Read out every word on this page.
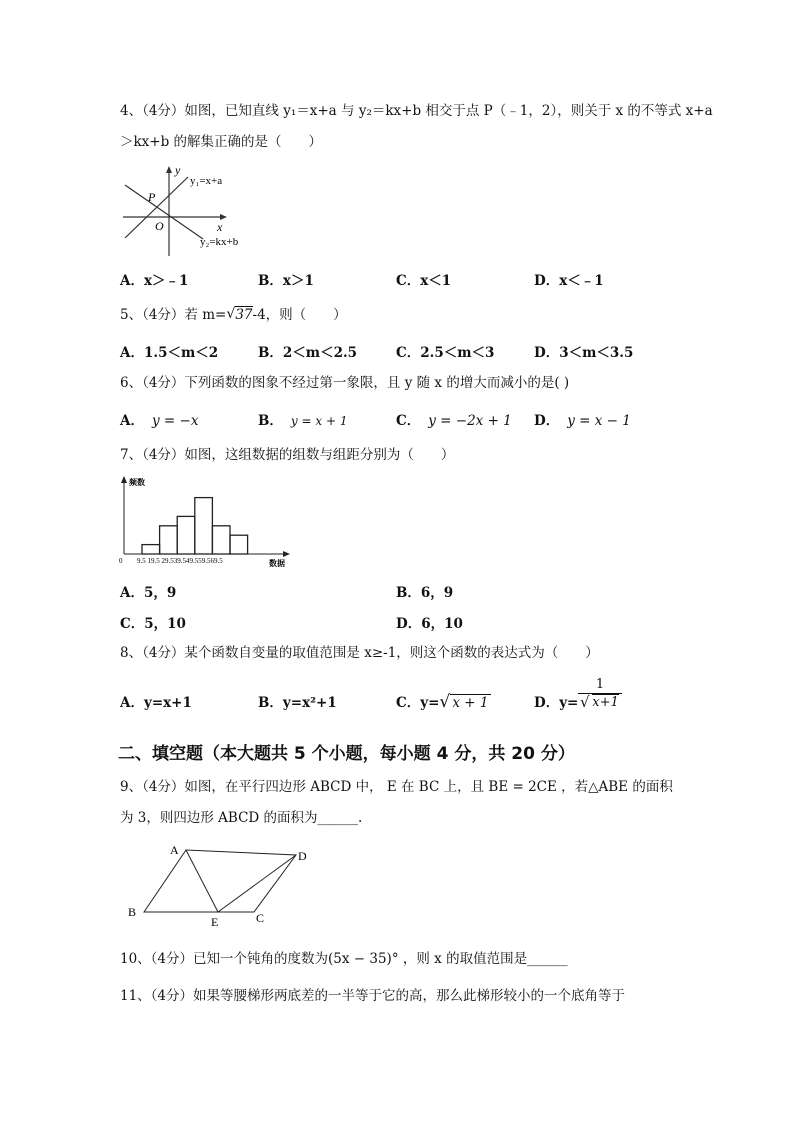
4、（4分）如图，已知直线 y₁＝x+a 与 y₂＝kx+b 相交于点 P（﹣1，2），则关于 x 的不等式 x+a
＞kx+b 的解集正确的是（　　）
y
x
P
O
y₁=x+a
y₂=kx+b
A．x＞﹣1	B．x＞1	C．x＜1	D．x＜﹣1
5、（4分）若 m= √ 37-4，则（　　）
A．1.5＜m＜2	B．2＜m＜2.5	C．2.5＜m＜3	D．3＜m＜3.5
6、（4分）下列函数的图象不经过第一象限，且 y 随 x 的增大而减小的是( )
A． y = −x	B． y = x + 1	C． y = −2x + 1 D． y = x − 1
7、（4分）如图，这组数据的组数与组距分别为（　　）
频数
数据
0 9.5 19.5 29.539.549.559.569.5
A．5，9	B．6，9
C．5，10	D．6，10
8、（4分）某个函数自变量的取值范围是 x≥-1，则这个函数的表达式为（　　）
A．y=x+1	B．y=x²+1	C．y= √ x + 1	D．$y= \frac{1}{√ x+1}$
二、填空题（本大题共 5 个小题，每小题 4 分，共 20 分）
9、（4分）如图，在平行四边形 ABCD 中， E 在 BC 上，且 BE = 2CE ，若△ABE 的面积
为 3，则四边形 ABCD 的面积为______.
A
B	C
D
E
10、（4分）已知一个钝角的度数为(5x − 35)° ，则 x 的取值范围是______
11、（4分）如果等腰梯形两底差的一半等于它的高，那么此梯形较小的一个底角等于
